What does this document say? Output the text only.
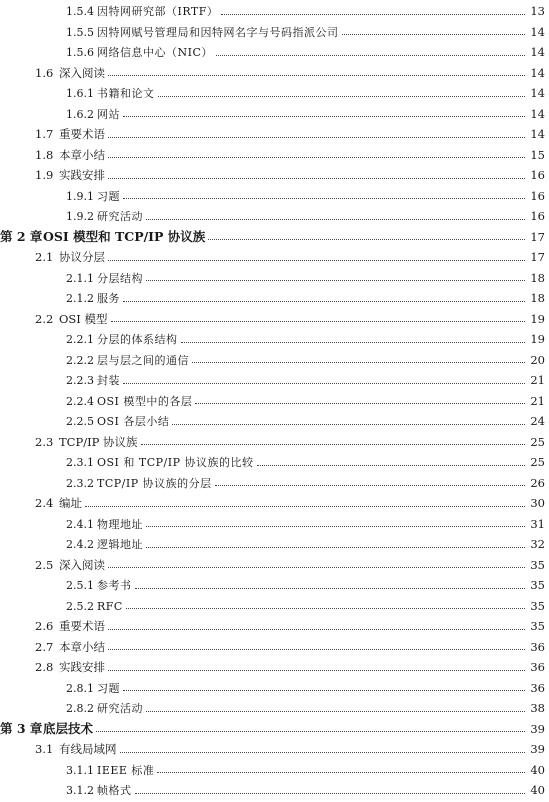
1.5.4 因特网研究部（IRTF）	13
1.5.5 因特网赋号管理局和因特网名字与号码指派公司	14
1.5.6 网络信息中心（NIC）	14
1.6 深入阅读	14
1.6.1 书籍和论文	14
1.6.2 网站	14
1.7 重要术语	14
1.8 本章小结	15
1.9 实践安排	16
1.9.1 习题	16
1.9.2 研究活动	16
第 2 章 OSI 模型和 TCP/IP 协议族	17
2.1 协议分层	17
2.1.1 分层结构	18
2.1.2 服务	18
2.2 OSI 模型	19
2.2.1 分层的体系结构	19
2.2.2 层与层之间的通信	20
2.2.3 封装	21
2.2.4 OSI 模型中的各层	21
2.2.5 OSI 各层小结	24
2.3 TCP/IP 协议族	25
2.3.1 OSI 和 TCP/IP 协议族的比较	25
2.3.2 TCP/IP 协议族的分层	26
2.4 编址	30
2.4.1 物理地址	31
2.4.2 逻辑地址	32
2.5 深入阅读	35
2.5.1 参考书	35
2.5.2 RFC	35
2.6 重要术语	35
2.7 本章小结	36
2.8 实践安排	36
2.8.1 习题	36
2.8.2 研究活动	38
第 3 章 底层技术	39
3.1 有线局域网	39
3.1.1 IEEE 标准	40
3.1.2 帧格式	40
